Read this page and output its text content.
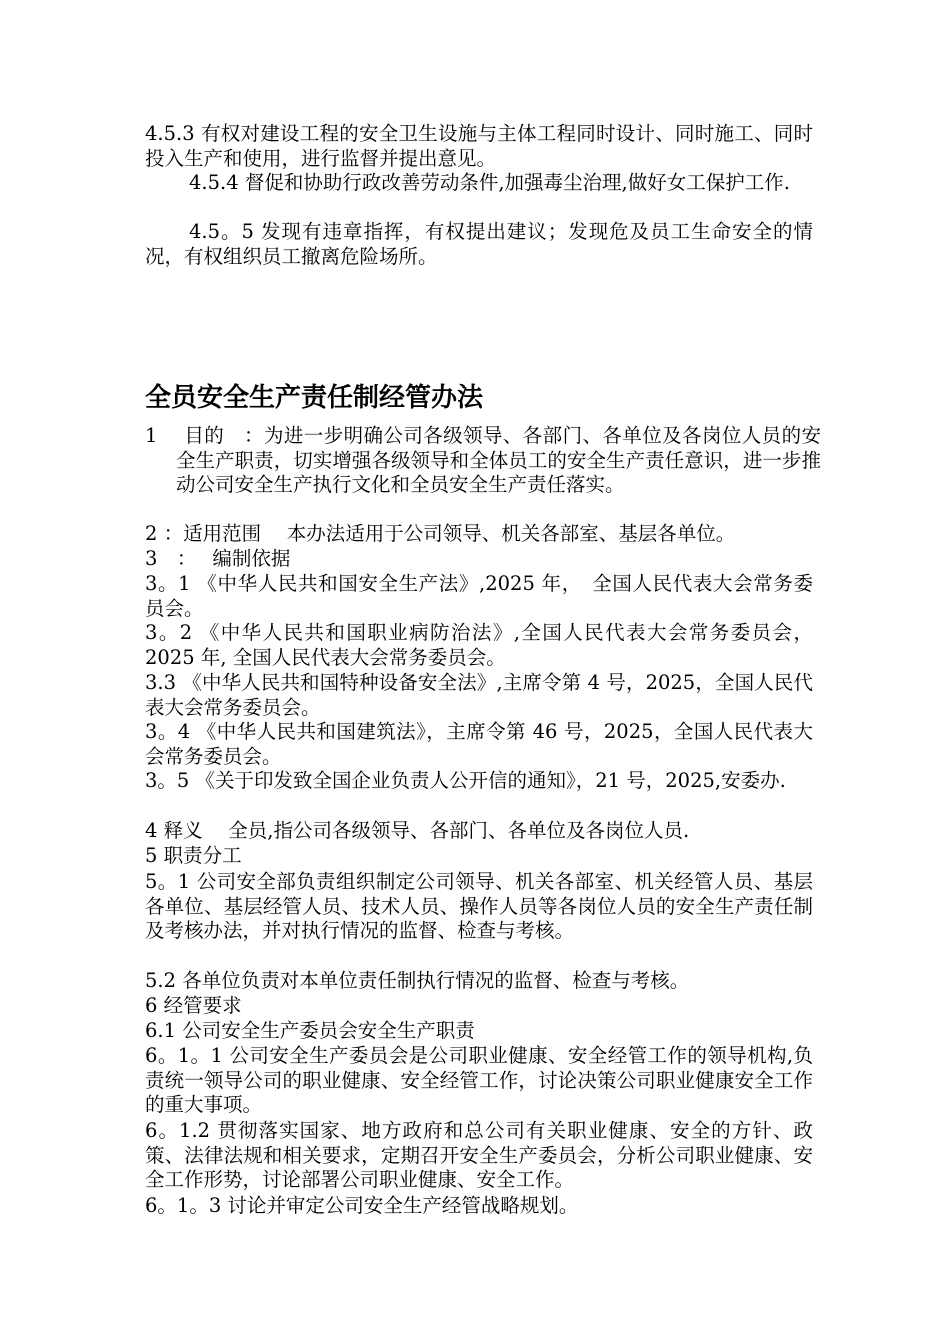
4.5.3 有权对建设工程的安全卫生设施与主体工程同时设计、同时施工、同时投入生产和使用，进行监督并提出意见。

4.5.4 督促和协助行政改善劳动条件,加强毒尘治理,做好女工保护工作.

4.5。5 发现有违章指挥，有权提出建议；发现危及员工生命安全的情况，有权组织员工撤离危险场所。

全员安全生产责任制经管办法

1　 目的　：为进一步明确公司各级领导、各部门、各单位及各岗位人员的安全生产职责，切实增强各级领导和全体员工的安全生产责任意识，进一步推动公司安全生产执行文化和全员安全生产责任落实。

2 ：适用范围　 本办法适用于公司领导、机关各部室、基层各单位。

3　：　 编制依据

3。1 《中华人民共和国安全生产法》,2025 年，　全国人民代表大会常务委员会。

3。2 《中华人民共和国职业病防治法》,全国人民代表大会常务委员会，2025 年, 全国人民代表大会常务委员会。

3.3 《中华人民共和国特种设备安全法》,主席令第 4 号，2025，全国人民代表大会常务委员会。

3。4 《中华人民共和国建筑法》，主席令第 46 号，2025，全国人民代表大会常务委员会。

3。5 《关于印发致全国企业负责人公开信的通知》，21 号，2025,安委办.

4 释义　 全员,指公司各级领导、各部门、各单位及各岗位人员.

5 职责分工

5。1 公司安全部负责组织制定公司领导、机关各部室、机关经管人员、基层各单位、基层经管人员、技术人员、操作人员等各岗位人员的安全生产责任制及考核办法，并对执行情况的监督、检查与考核。

5.2 各单位负责对本单位责任制执行情况的监督、检查与考核。

6 经管要求

6.1 公司安全生产委员会安全生产职责

6。1。1 公司安全生产委员会是公司职业健康、安全经管工作的领导机构,负责统一领导公司的职业健康、安全经管工作，讨论决策公司职业健康安全工作的重大事项。

6。1.2 贯彻落实国家、地方政府和总公司有关职业健康、安全的方针、政策、法律法规和相关要求，定期召开安全生产委员会，分析公司职业健康、安全工作形势，讨论部署公司职业健康、安全工作。

6。1。3 讨论并审定公司安全生产经管战略规划。
